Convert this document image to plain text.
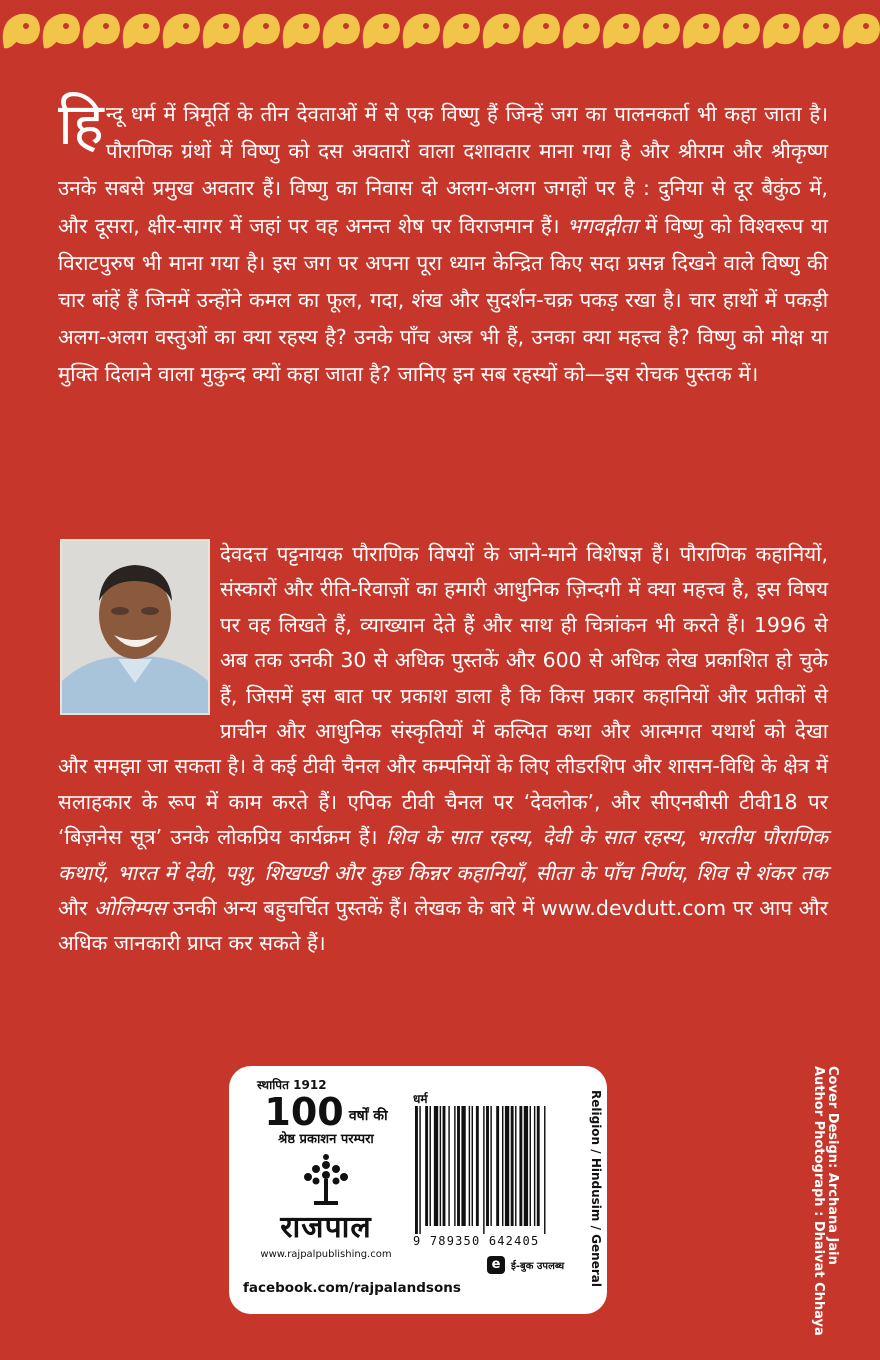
हिन्दू धर्म में त्रिमूर्ति के तीन देवताओं में से एक विष्णु हैं जिन्हें जग का पालनकर्ता भी कहा जाता है। पौराणिक ग्रंथों में विष्णु को दस अवतारों वाला दशावतार माना गया है और श्रीराम और श्रीकृष्ण उनके सबसे प्रमुख अवतार हैं। विष्णु का निवास दो अलग-अलग जगहों पर है : दुनिया से दूर बैकुंठ में, और दूसरा, क्षीर-सागर में जहां पर वह अनन्त शेष पर विराजमान हैं। भगवद्गीता में विष्णु को विश्वरूप या विराटपुरुष भी माना गया है। इस जग पर अपना पूरा ध्यान केन्द्रित किए सदा प्रसन्न दिखने वाले विष्णु की चार बांहें हैं जिनमें उन्होंने कमल का फूल, गदा, शंख और सुदर्शन-चक्र पकड़ रखा है। चार हाथों में पकड़ी अलग-अलग वस्तुओं का क्या रहस्य है? उनके पाँच अस्त्र भी हैं, उनका क्या महत्त्व है? विष्णु को मोक्ष या मुक्ति दिलाने वाला मुकुन्द क्यों कहा जाता है? जानिए इन सब रहस्यों को—इस रोचक पुस्तक में।
देवदत्त पट्टनायक पौराणिक विषयों के जाने-माने विशेषज्ञ हैं। पौराणिक कहानियों, संस्कारों और रीति-रिवाज़ों का हमारी आधुनिक ज़िन्दगी में क्या महत्त्व है, इस विषय पर वह लिखते हैं, व्याख्यान देते हैं और साथ ही चित्रांकन भी करते हैं। 1996 से अब तक उनकी 30 से अधिक पुस्तकें और 600 से अधिक लेख प्रकाशित हो चुके हैं, जिसमें इस बात पर प्रकाश डाला है कि किस प्रकार कहानियों और प्रतीकों से प्राचीन और आधुनिक संस्कृतियों में कल्पित कथा और आत्मगत यथार्थ को देखा और समझा जा सकता है। वे कई टीवी चैनल और कम्पनियों के लिए लीडरशिप और शासन-विधि के क्षेत्र में सलाहकार के रूप में काम करते हैं। एपिक टीवी चैनल पर ‘देवलोक’, और सीएनबीसी टीवी18 पर ‘बिज़नेस सूत्र’ उनके लोकप्रिय कार्यक्रम हैं। शिव के सात रहस्य, देवी के सात रहस्य, भारतीय पौराणिक कथाएँ, भारत में देवी, पशु, शिखण्डी और कुछ किन्नर कहानियाँ, सीता के पाँच निर्णय, शिव से शंकर तक और ओलिम्पस उनकी अन्य बहुचर्चित पुस्तकें हैं। लेखक के बारे में www.devdutt.com पर आप और अधिक जानकारी प्राप्त कर सकते हैं।
स्थापित 1912
100 वर्षों की
श्रेष्ठ प्रकाशन परम्परा
राजपाल
www.rajpalpublishing.com
facebook.com/rajpalandsons
धर्म
9 789350 642405	Religion / Hindusim / General
e	ई-बुक उपलब्ध
Cover Design: Archana Jain
Author Photograph : Dhaivat Chhaya
